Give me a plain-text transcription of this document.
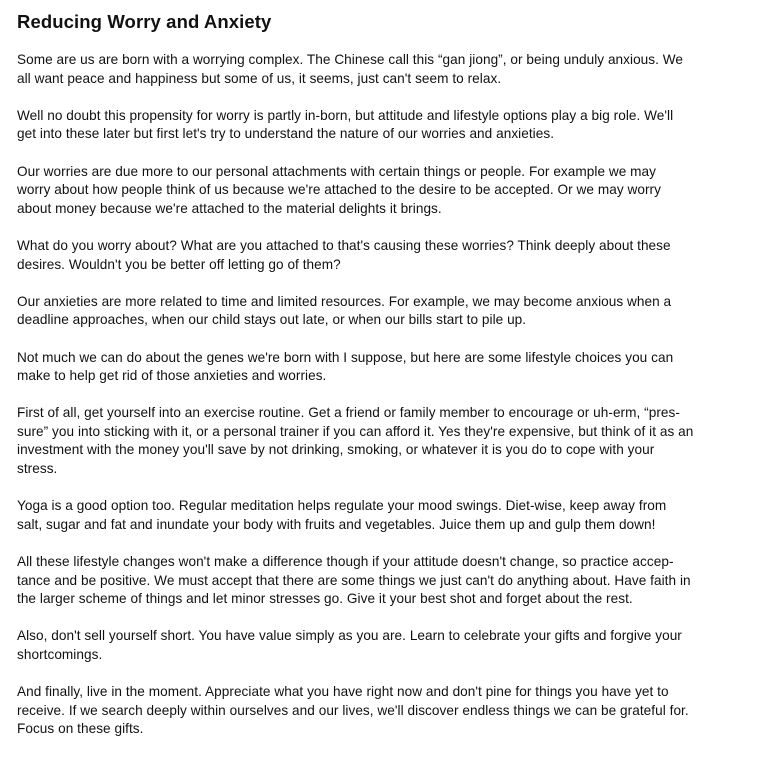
Reducing Worry and Anxiety
Some are us are born with a worrying complex. The Chinese call this “gan jiong”, or being unduly anxious. We
all want peace and happiness but some of us, it seems, just can't seem to relax.
Well no doubt this propensity for worry is partly in-born, but attitude and lifestyle options play a big role. We'll
get into these later but first let's try to understand the nature of our worries and anxieties.
Our worries are due more to our personal attachments with certain things or people. For example we may
worry about how people think of us because we're attached to the desire to be accepted. Or we may worry
about money because we're attached to the material delights it brings.
What do you worry about? What are you attached to that's causing these worries? Think deeply about these
desires. Wouldn't you be better off letting go of them?
Our anxieties are more related to time and limited resources. For example, we may become anxious when a
deadline approaches, when our child stays out late, or when our bills start to pile up.
Not much we can do about the genes we're born with I suppose, but here are some lifestyle choices you can
make to help get rid of those anxieties and worries.
First of all, get yourself into an exercise routine. Get a friend or family member to encourage or uh-erm, “pres-
sure” you into sticking with it, or a personal trainer if you can afford it. Yes they're expensive, but think of it as an
investment with the money you'll save by not drinking, smoking, or whatever it is you do to cope with your
stress.
Yoga is a good option too. Regular meditation helps regulate your mood swings. Diet-wise, keep away from
salt, sugar and fat and inundate your body with fruits and vegetables. Juice them up and gulp them down!
All these lifestyle changes won't make a difference though if your attitude doesn't change, so practice accep-
tance and be positive. We must accept that there are some things we just can't do anything about. Have faith in
the larger scheme of things and let minor stresses go. Give it your best shot and forget about the rest.
Also, don't sell yourself short. You have value simply as you are. Learn to celebrate your gifts and forgive your
shortcomings.
And finally, live in the moment. Appreciate what you have right now and don't pine for things you have yet to
receive. If we search deeply within ourselves and our lives, we'll discover endless things we can be grateful for.
Focus on these gifts.
